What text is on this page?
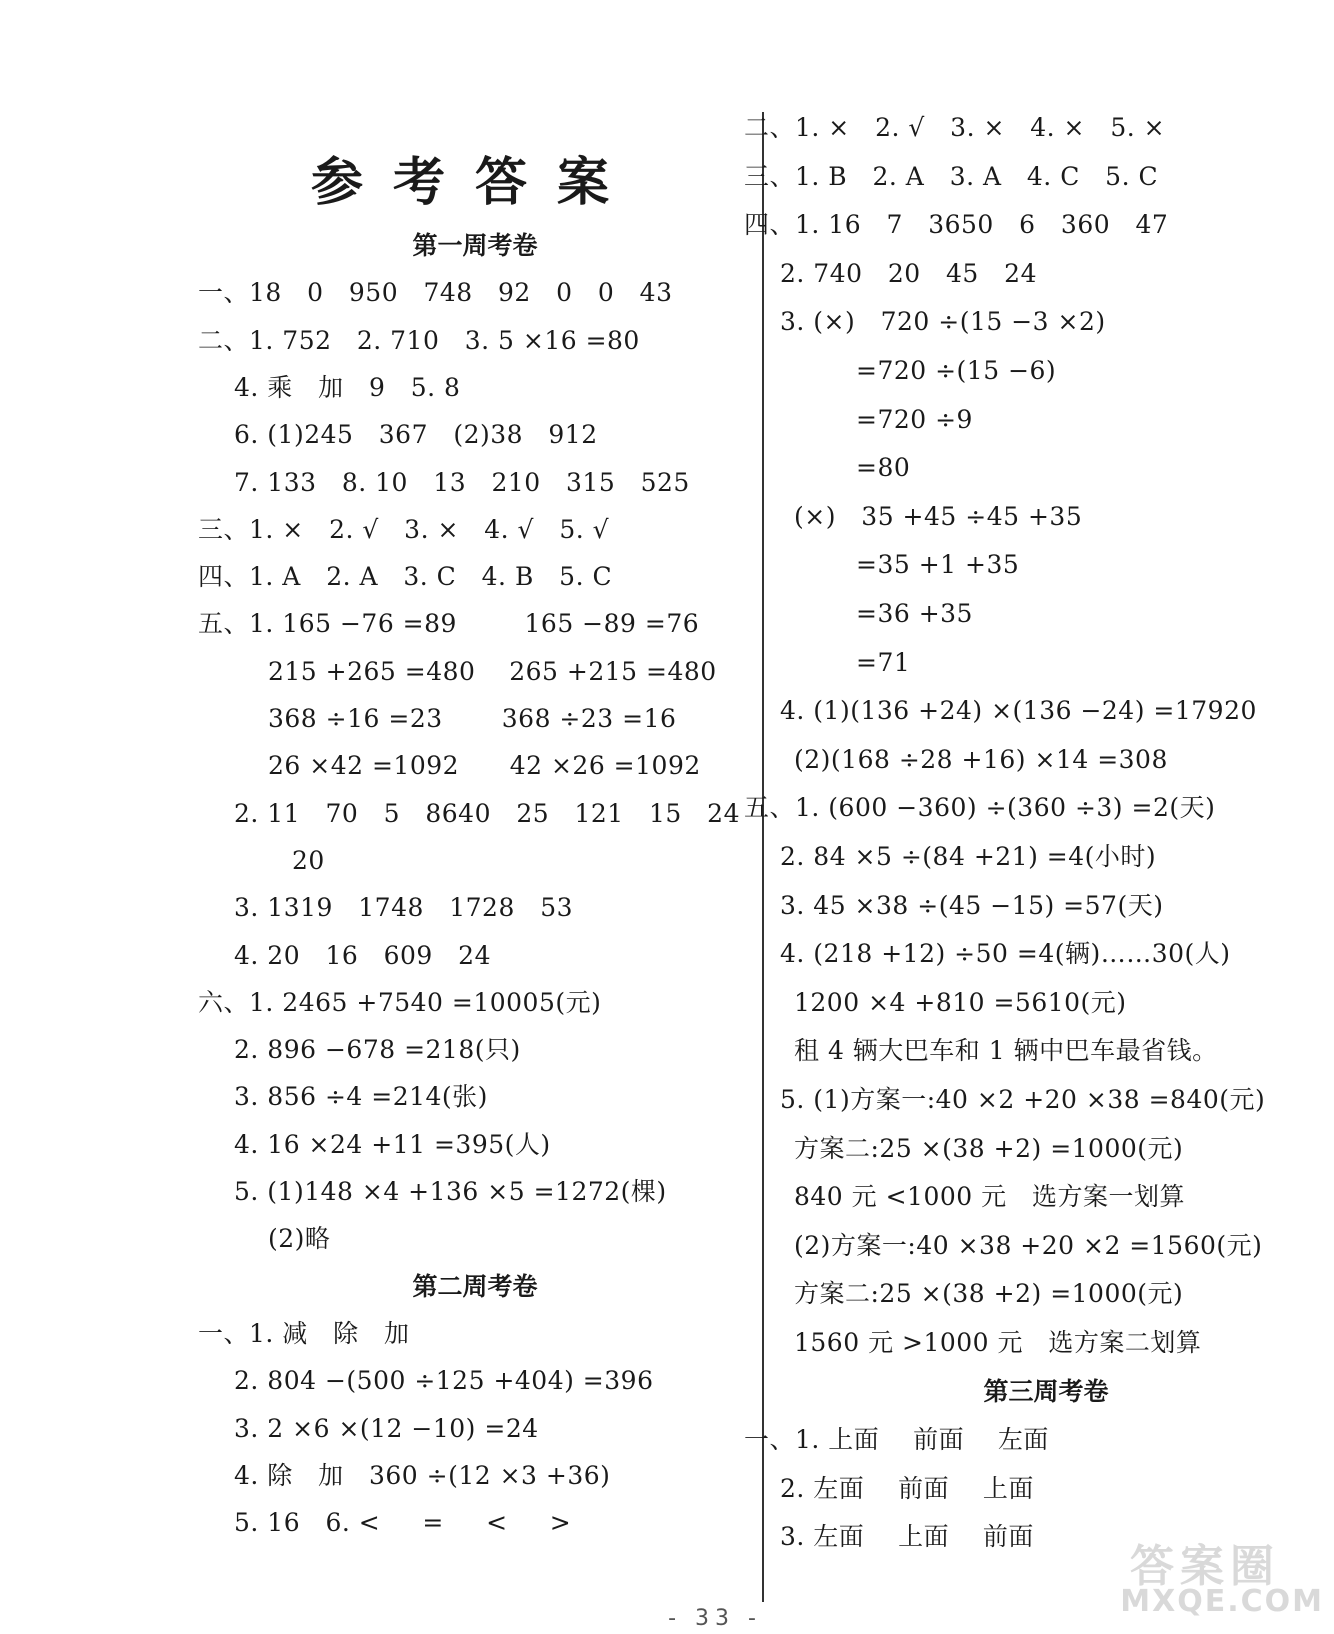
参考答案
第一周考卷
一、18   0   950   748   92   0   0   43
二、1. 752   2. 710   3. 5 ×16 =80
4. 乘   加   9   5. 8
6. (1)245   367   (2)38   912
7. 133   8. 10   13   210   315   525
三、1. ×   2. √   3. ×   4. √   5. √
四、1. A   2. A   3. C   4. B   5. C
五、1. 165 −76 =89        165 −89 =76
215 +265 =480    265 +215 =480
368 ÷16 =23       368 ÷23 =16
26 ×42 =1092      42 ×26 =1092
2. 11   70   5   8640   25   121   15   24
20
3. 1319   1748   1728   53
4. 20   16   609   24
六、1. 2465 +7540 =10005(元)
2. 896 −678 =218(只)
3. 856 ÷4 =214(张)
4. 16 ×24 +11 =395(人)
5. (1)148 ×4 +136 ×5 =1272(棵)
(2)略
第二周考卷
一、1. 减   除   加
2. 804 −(500 ÷125 +404) =396
3. 2 ×6 ×(12 −10) =24
4. 除   加   360 ÷(12 ×3 +36)
5. 16   6. <     =     <     >
二、1. ×   2. √   3. ×   4. ×   5. ×
三、1. B   2. A   3. A   4. C   5. C
四、1. 16   7   3650   6   360   47
2. 740   20   45   24
3. (×)   720 ÷(15 −3 ×2)
=720 ÷(15 −6)
=720 ÷9
=80
(×)   35 +45 ÷45 +35
=35 +1 +35
=36 +35
=71
4. (1)(136 +24) ×(136 −24) =17920
(2)(168 ÷28 +16) ×14 =308
五、1. (600 −360) ÷(360 ÷3) =2(天)
2. 84 ×5 ÷(84 +21) =4(小时)
3. 45 ×38 ÷(45 −15) =57(天)
4. (218 +12) ÷50 =4(辆)……30(人)
1200 ×4 +810 =5610(元)
租 4 辆大巴车和 1 辆中巴车最省钱。
5. (1)方案一:40 ×2 +20 ×38 =840(元)
方案二:25 ×(38 +2) =1000(元)
840 元 <1000 元   选方案一划算
(2)方案一:40 ×38 +20 ×2 =1560(元)
方案二:25 ×(38 +2) =1000(元)
1560 元 >1000 元   选方案二划算
第三周考卷
一、1. 上面    前面    左面
2. 左面    前面    上面
3. 左面    上面    前面
答案圈
MXQE.COM
- 33 -
